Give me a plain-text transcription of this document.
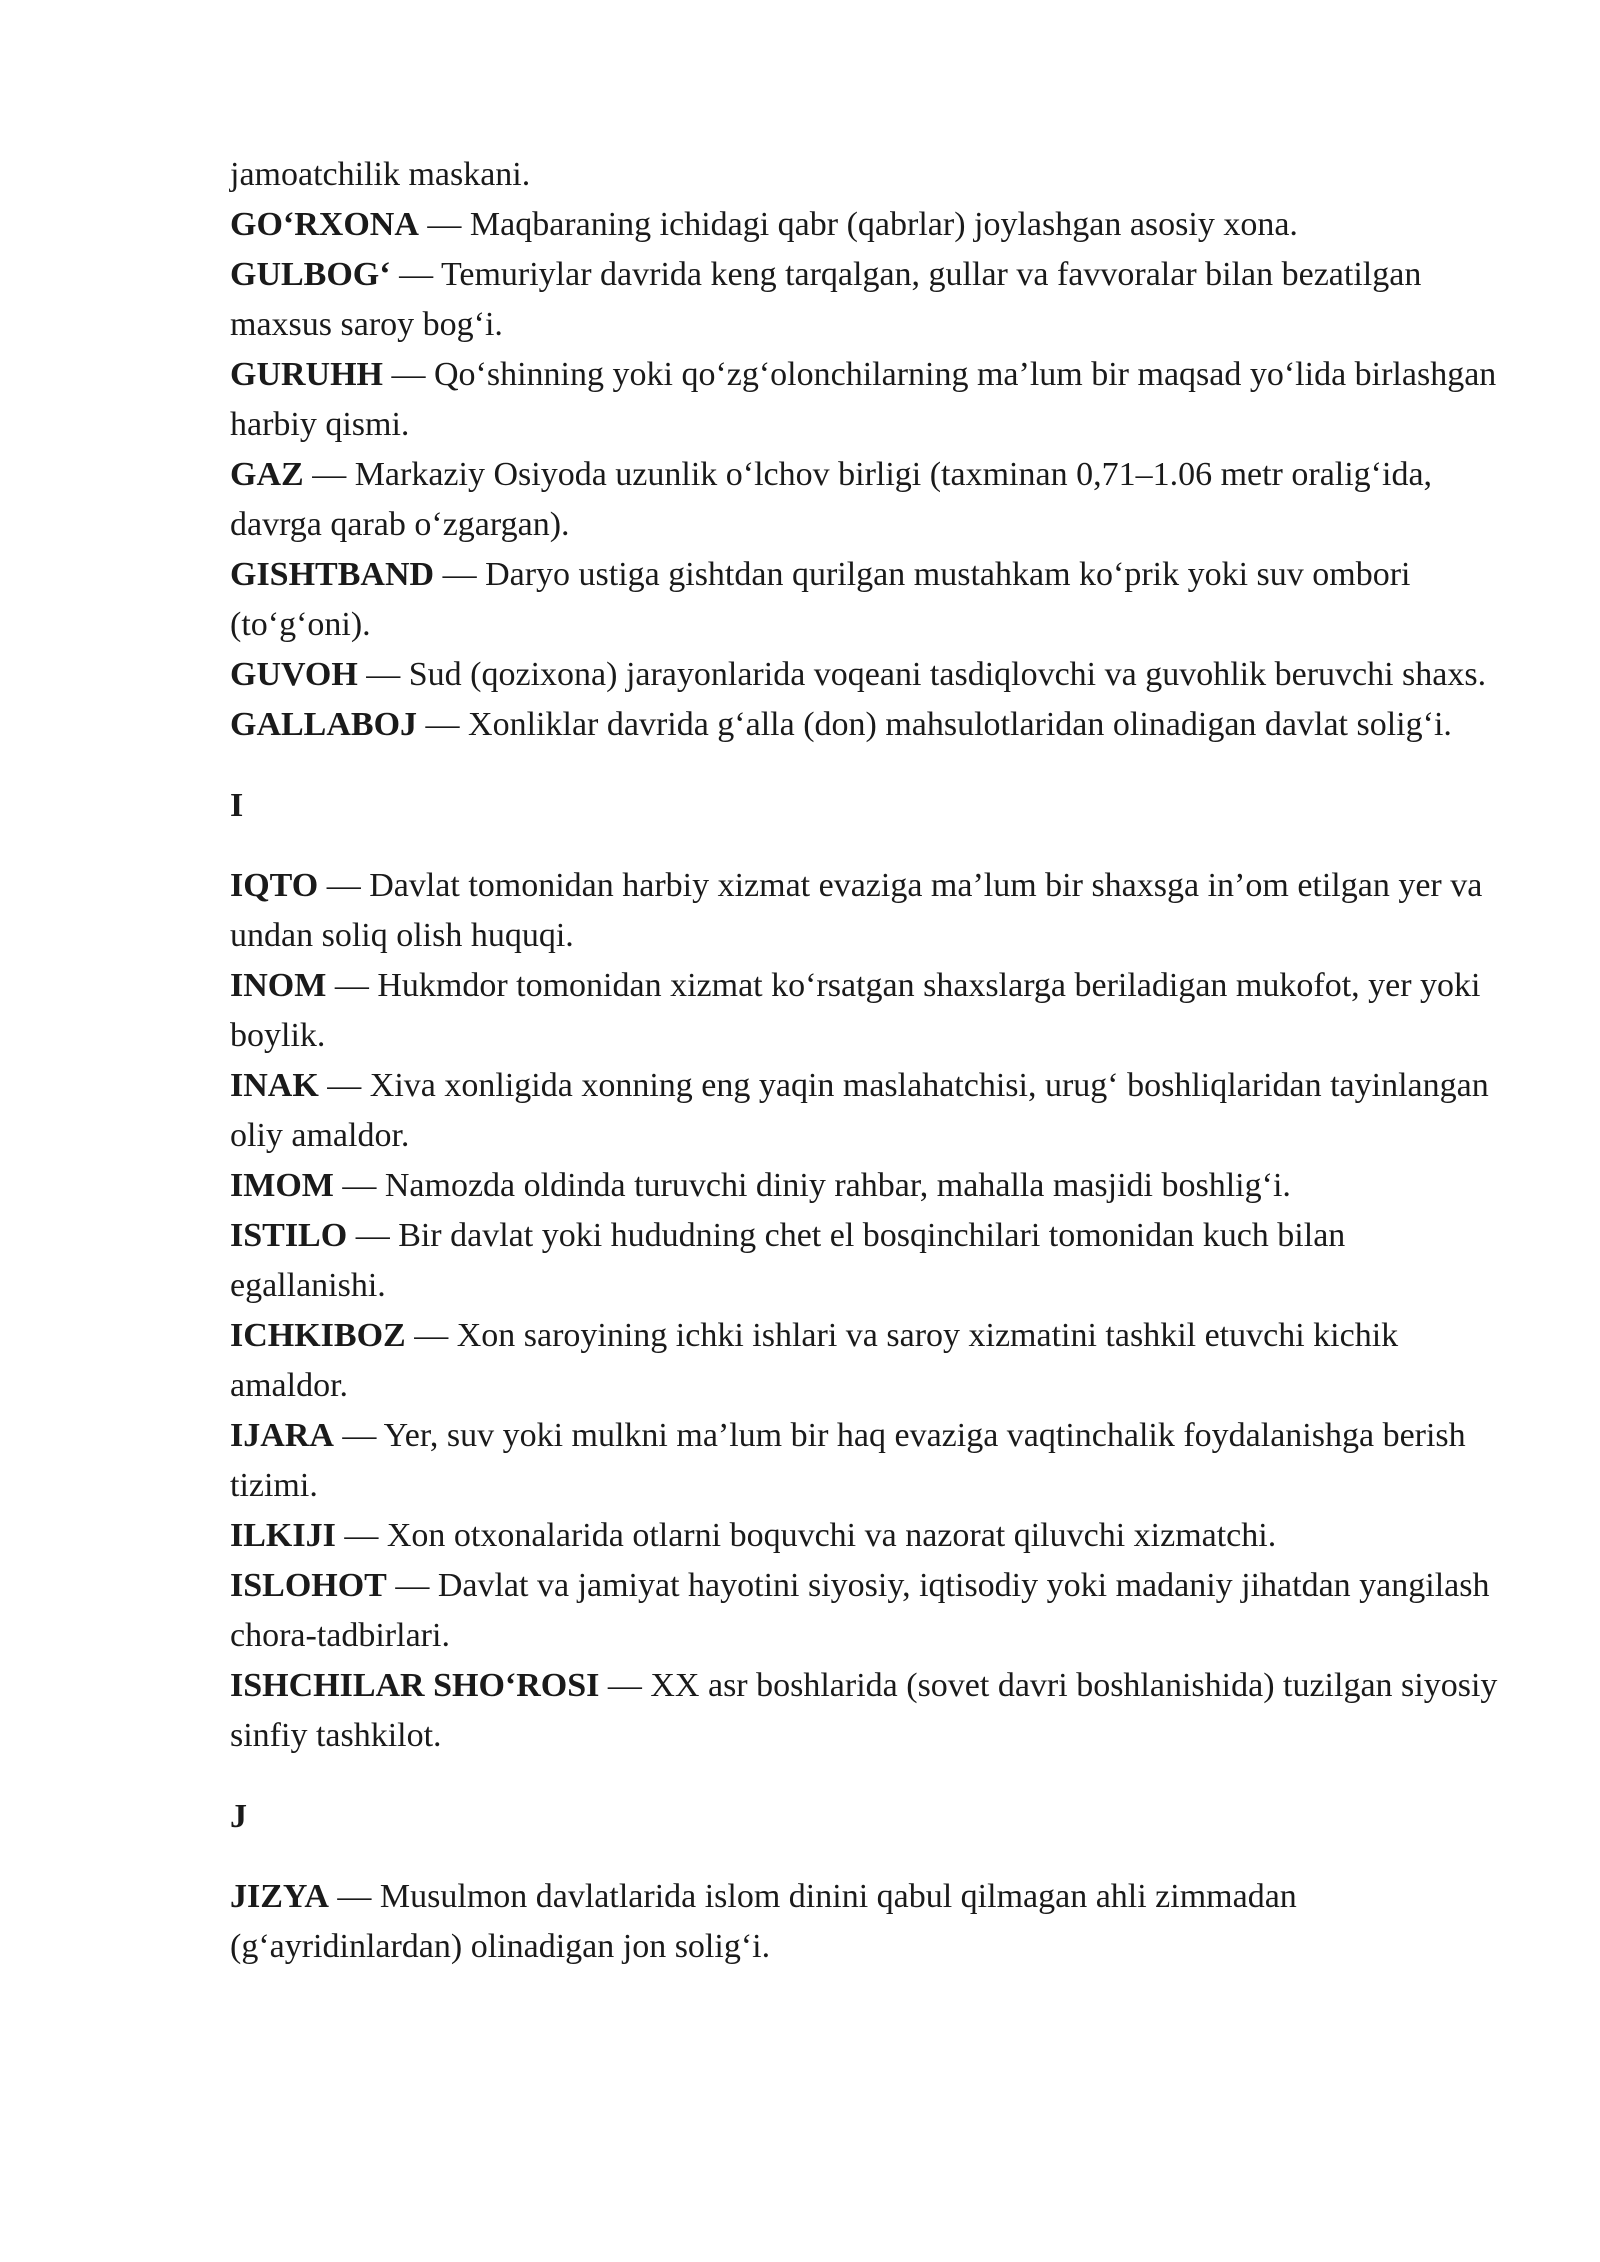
jamoatchilik maskani.

GO‘RXONA — Maqbaraning ichidagi qabr (qabrlar) joylashgan asosiy xona.

GULBOG‘ — Temuriylar davrida keng tarqalgan, gullar va favvoralar bilan bezatilgan maxsus saroy bog‘i.

GURUHH — Qo‘shinning yoki qo‘zg‘olonchilarning ma’lum bir maqsad yo‘lida birlashgan harbiy qismi.

GAZ — Markaziy Osiyoda uzunlik o‘lchov birligi (taxminan 0,71–1.06 metr oralig‘ida, davrga qarab o‘zgargan).

GISHTBAND — Daryo ustiga gishtdan qurilgan mustahkam ko‘prik yoki suv ombori (to‘g‘oni).

GUVOH — Sud (qozixona) jarayonlarida voqeani tasdiqlovchi va guvohlik beruvchi shaxs.

GALLABOJ — Xonliklar davrida g‘alla (don) mahsulotlaridan olinadigan davlat solig‘i.

I

IQTO — Davlat tomonidan harbiy xizmat evaziga ma’lum bir shaxsga in’om etilgan yer va undan soliq olish huquqi.

INOM — Hukmdor tomonidan xizmat ko‘rsatgan shaxslarga beriladigan mukofot, yer yoki boylik.

INAK — Xiva xonligida xonning eng yaqin maslahatchisi, urug‘ boshliqlaridan tayinlangan oliy amaldor.

IMOM — Namozda oldinda turuvchi diniy rahbar, mahalla masjidi boshlig‘i.

ISTILO — Bir davlat yoki hududning chet el bosqinchilari tomonidan kuch bilan egallanishi.

ICHKIBOZ — Xon saroyining ichki ishlari va saroy xizmatini tashkil etuvchi kichik amaldor.

IJARA — Yer, suv yoki mulkni ma’lum bir haq evaziga vaqtinchalik foydalanishga berish tizimi.

ILKIJI — Xon otxonalarida otlarni boquvchi va nazorat qiluvchi xizmatchi.

ISLOHOT — Davlat va jamiyat hayotini siyosiy, iqtisodiy yoki madaniy jihatdan yangilash chora-tadbirlari.

ISHCHILAR SHO‘ROSI — XX asr boshlarida (sovet davri boshlanishida) tuzilgan siyosiy sinfiy tashkilot.

J

JIZYA — Musulmon davlatlarida islom dinini qabul qilmagan ahli zimmadan (g‘ayridinlardan) olinadigan jon solig‘i.
